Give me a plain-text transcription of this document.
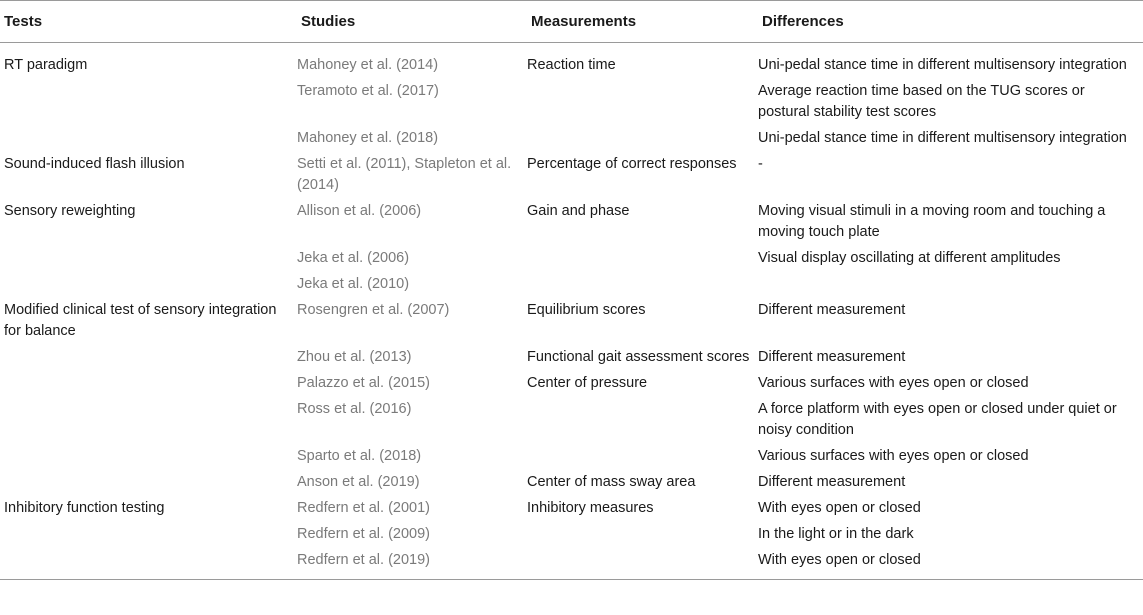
Tests	Studies	Measurements	Differences
RT paradigm	Mahoney et al. (2014)	Reaction time	Uni-pedal stance time in different multisensory integration
	Teramoto et al. (2017)		Average reaction time based on the TUG scores or postural stability test scores
	Mahoney et al. (2018)		Uni-pedal stance time in different multisensory integration
Sound-induced flash illusion	Setti et al. (2011), Stapleton et al. (2014)	Percentage of correct responses	-
Sensory reweighting	Allison et al. (2006)	Gain and phase	Moving visual stimuli in a moving room and touching a moving touch plate
	Jeka et al. (2006)		Visual display oscillating at different amplitudes
	Jeka et al. (2010)		
Modified clinical test of sensory integration for balance	Rosengren et al. (2007)	Equilibrium scores	Different measurement
	Zhou et al. (2013)	Functional gait assessment scores	Different measurement
	Palazzo et al. (2015)	Center of pressure	Various surfaces with eyes open or closed
	Ross et al. (2016)		A force platform with eyes open or closed under quiet or noisy condition
	Sparto et al. (2018)		Various surfaces with eyes open or closed
	Anson et al. (2019)	Center of mass sway area	Different measurement
Inhibitory function testing	Redfern et al. (2001)	Inhibitory measures	With eyes open or closed
	Redfern et al. (2009)		In the light or in the dark
	Redfern et al. (2019)		With eyes open or closed
